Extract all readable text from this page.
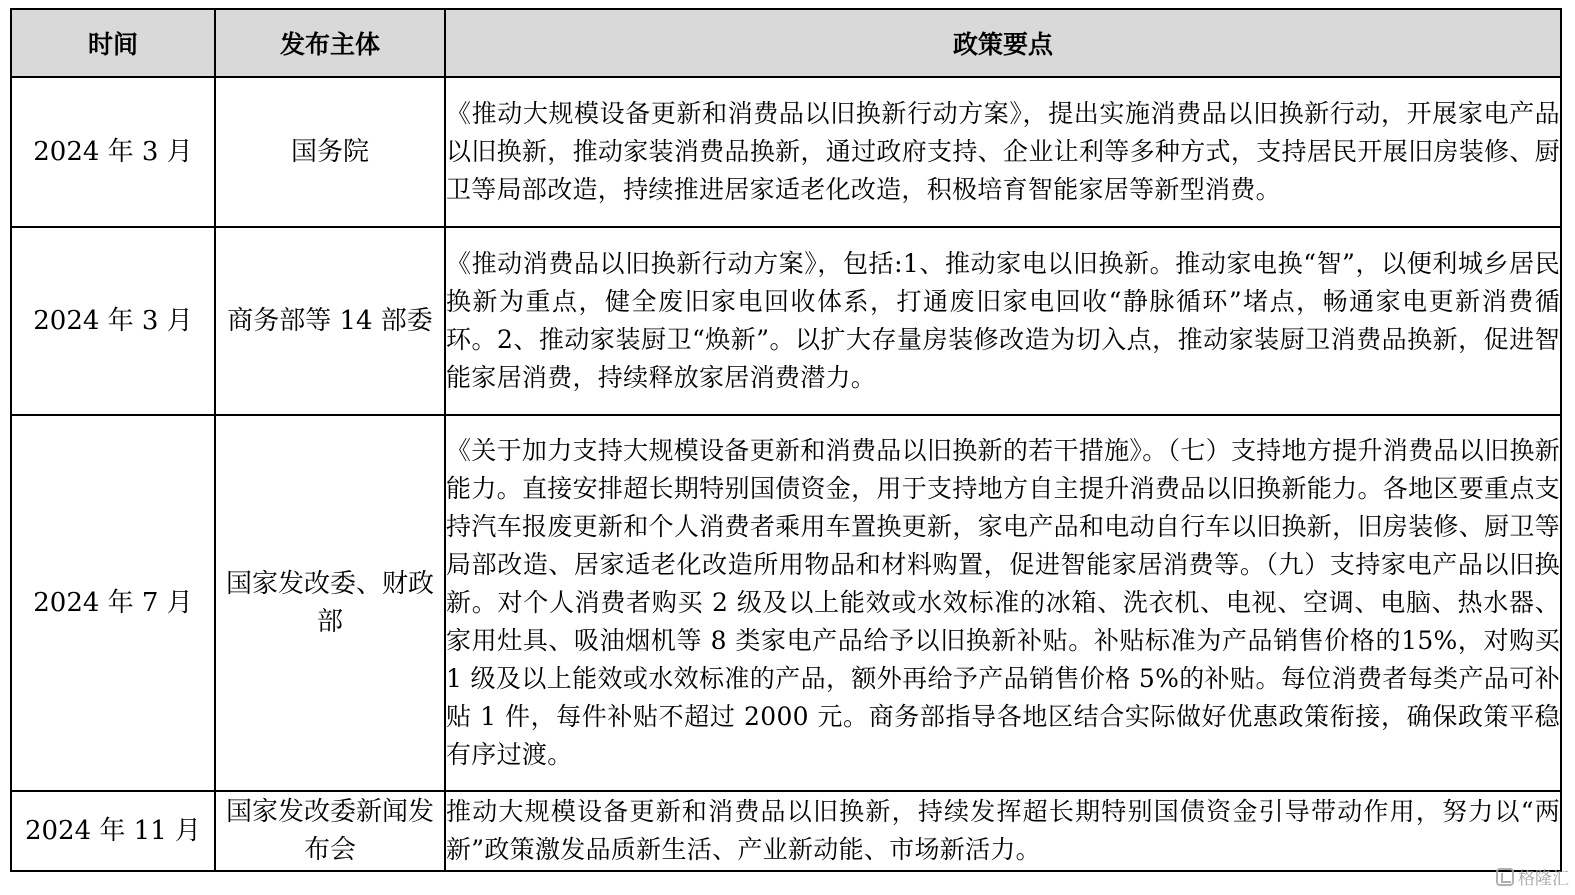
时间	发布主体	政策要点
2024 年 3 月	国务院	《推动大规模设备更新和消费品以旧换新行动方案》，提出实施消费品以旧换新行动，开展家电产品以旧换新，推动家装消费品换新，通过政府支持、企业让利等多种方式，支持居民开展旧房装修、厨卫等局部改造，持续推进居家适老化改造，积极培育智能家居等新型消费。
2024 年 3 月	商务部等 14 部委	《推动消费品以旧换新行动方案》，包括:1、推动家电以旧换新。推动家电换“智”，以便利城乡居民换新为重点，健全废旧家电回收体系，打通废旧家电回收“静脉循环”堵点，畅通家电更新消费循环。2、推动家装厨卫“焕新”。以扩大存量房装修改造为切入点，推动家装厨卫消费品换新，促进智能家居消费，持续释放家居消费潜力。
2024 年 7 月	国家发改委、财政部	《关于加力支持大规模设备更新和消费品以旧换新的若干措施》。（七）支持地方提升消费品以旧换新能力。直接安排超长期特别国债资金，用于支持地方自主提升消费品以旧换新能力。各地区要重点支持汽车报废更新和个人消费者乘用车置换更新，家电产品和电动自行车以旧换新，旧房装修、厨卫等局部改造、居家适老化改造所用物品和材料购置，促进智能家居消费等。（九）支持家电产品以旧换新。对个人消费者购买 2 级及以上能效或水效标准的冰箱、洗衣机、电视、空调、电脑、热水器、家用灶具、吸油烟机等 8 类家电产品给予以旧换新补贴。补贴标准为产品销售价格的15%，对购买 1 级及以上能效或水效标准的产品，额外再给予产品销售价格 5%的补贴。每位消费者每类产品可补贴 1 件，每件补贴不超过 2000 元。商务部指导各地区结合实际做好优惠政策衔接，确保政策平稳有序过渡。
2024 年 11 月	国家发改委新闻发布会	推动大规模设备更新和消费品以旧换新，持续发挥超长期特别国债资金引导带动作用，努力以“两新”政策激发品质新生活、产业新动能、市场新活力。
格隆汇
